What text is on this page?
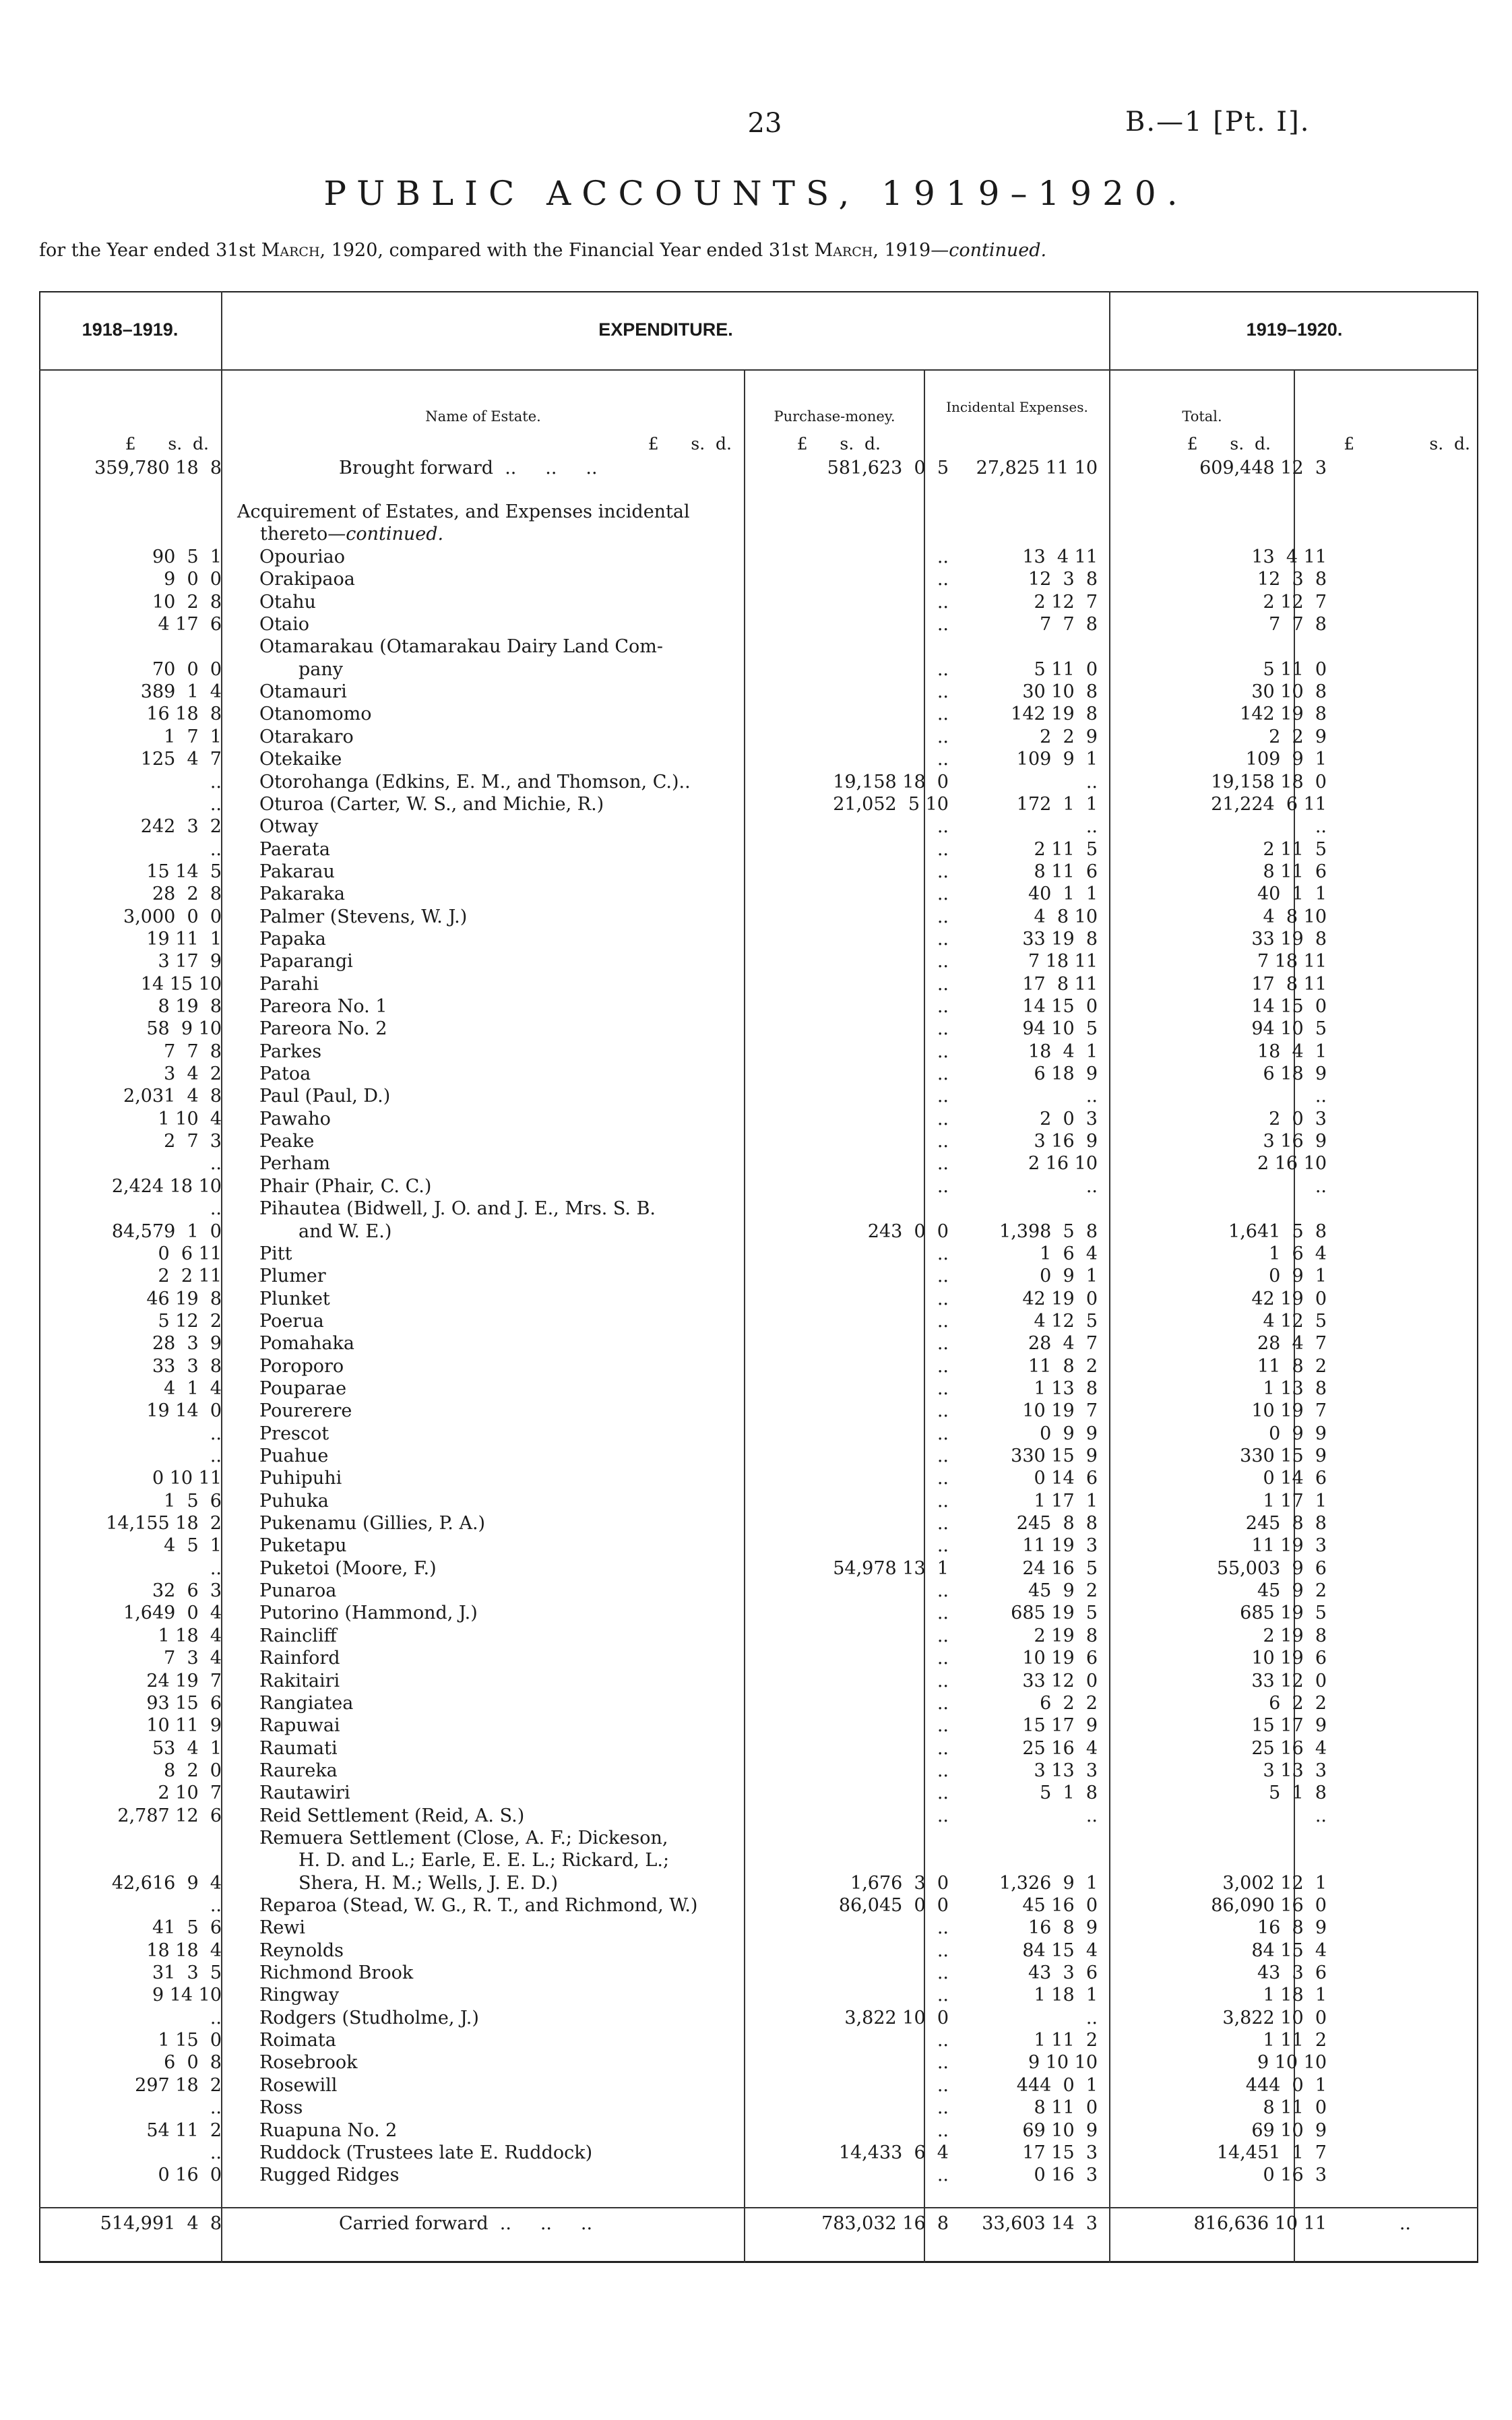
23	B.—1 [Pt. I].
PUBLIC ACCOUNTS, 1919–1920.
for the Year ended 31st March, 1920, compared with the Financial Year ended 31st March, 1919—continued.
1918–1919.	EXPENDITURE.	1919–1920.
Name of Estate.	Purchase-money.
Incidental Expenses.
Total.
£      s.  d.	£      s.  d.	£      s.  d.	£      s.  d.	£              s.  d.
359,780 18  8	Brought forward  ..     ..     ..	581,623  0  5 27,825 11 10	609,448 12  3
Acquirement of Estates, and Expenses incidental
thereto—continued.
90  5  1 Opouriao	..	13  4 11	13  4 11
9  0  0 Orakipaoa	..	12  3  8	12  3  8
10  2  8 Otahu	..	2 12  7	2 12  7
4 17  6 Otaio	..	7  7  8	7  7  8
Otamarakau (Otamarakau Dairy Land Com-
70  0  0	pany	..	5 11  0	5 11  0
389  1  4 Otamauri	..	30 10  8	30 10  8
16 18  8 Otanomomo	..	142 19  8	142 19  8
1  7  1 Otarakaro	..	2  2  9	2  2  9
125  4  7 Otekaike	..	109  9  1	109  9  1
.. Otorohanga (Edkins, E. M., and Thomson, C.)..	19,158 18  0	..	19,158 18  0
.. Oturoa (Carter, W. S., and Michie, R.)	21,052  5 10	172  1  1	21,224  6 11
242  3  2 Otway	..	..	..
.. Paerata	..	2 11  5	2 11  5
15 14  5 Pakarau	..	8 11  6	8 11  6
28  2  8 Pakaraka	..	40  1  1	40  1  1
3,000  0  0 Palmer (Stevens, W. J.)	..	4  8 10	4  8 10
19 11  1 Papaka	..	33 19  8	33 19  8
3 17  9 Paparangi	..	7 18 11	7 18 11
14 15 10 Parahi	..	17  8 11	17  8 11
8 19  8 Pareora No. 1	..	14 15  0	14 15  0
58  9 10 Pareora No. 2	..	94 10  5	94 10  5
7  7  8 Parkes	..	18  4  1	18  4  1
3  4  2 Patoa	..	6 18  9	6 18  9
2,031  4  8 Paul (Paul, D.)	..	..	..
1 10  4 Pawaho	..	2  0  3	2  0  3
2  7  3 Peake	..	3 16  9	3 16  9
.. Perham	..	2 16 10	2 16 10
2,424 18 10 Phair (Phair, C. C.)	..	..	..
.. Pihautea (Bidwell, J. O. and J. E., Mrs. S. B.
84,579  1  0	and W. E.)	243  0  0	1,398  5  8	1,641  5  8
0  6 11 Pitt	..	1  6  4	1  6  4
2  2 11 Plumer	..	0  9  1	0  9  1
46 19  8 Plunket	..	42 19  0	42 19  0
5 12  2 Poerua	..	4 12  5	4 12  5
28  3  9 Pomahaka	..	28  4  7	28  4  7
33  3  8 Poroporo	..	11  8  2	11  8  2
4  1  4 Pouparae	..	1 13  8	1 13  8
19 14  0 Pourerere	..	10 19  7	10 19  7
.. Prescot	..	0  9  9	0  9  9
.. Puahue	..	330 15  9	330 15  9
0 10 11 Puhipuhi	..	0 14  6	0 14  6
1  5  6 Puhuka	..	1 17  1	1 17  1
14,155 18  2 Pukenamu (Gillies, P. A.)	..	245  8  8	245  8  8
4  5  1 Puketapu	..	11 19  3	11 19  3
.. Puketoi (Moore, F.)	54,978 13  1	24 16  5	55,003  9  6
32  6  3 Punaroa	..	45  9  2	45  9  2
1,649  0  4 Putorino (Hammond, J.)	..	685 19  5	685 19  5
1 18  4 Raincliff	..	2 19  8	2 19  8
7  3  4 Rainford	..	10 19  6	10 19  6
24 19  7 Rakitairi	..	33 12  0	33 12  0
93 15  6 Rangiatea	..	6  2  2	6  2  2
10 11  9 Rapuwai	..	15 17  9	15 17  9
53  4  1 Raumati	..	25 16  4	25 16  4
8  2  0 Raureka	..	3 13  3	3 13  3
2 10  7 Rautawiri	..	5  1  8	5  1  8
2,787 12  6 Reid Settlement (Reid, A. S.)	..	..	..
Remuera Settlement (Close, A. F.; Dickeson,
H. D. and L.; Earle, E. E. L.; Rickard, L.;
42,616  9  4	Shera, H. M.; Wells, J. E. D.)	1,676  3  0	1,326  9  1	3,002 12  1
.. Reparoa (Stead, W. G., R. T., and Richmond, W.)	86,045  0  0	45 16  0	86,090 16  0
41  5  6 Rewi	..	16  8  9	16  8  9
18 18  4 Reynolds	..	84 15  4	84 15  4
31  3  5 Richmond Brook	..	43  3  6	43  3  6
9 14 10 Ringway	..	1 18  1	1 18  1
.. Rodgers (Studholme, J.)	3,822 10  0	..	3,822 10  0
1 15  0 Roimata	..	1 11  2	1 11  2
6  0  8 Rosebrook	..	9 10 10	9 10 10
297 18  2 Rosewill	..	444  0  1	444  0  1
.. Ross	..	8 11  0	8 11  0
54 11  2 Ruapuna No. 2	..	69 10  9	69 10  9
.. Ruddock (Trustees late E. Ruddock)	14,433  6  4	17 15  3	14,451  1  7
0 16  0 Rugged Ridges	..	0 16  3	0 16  3
514,991  4  8	Carried forward  ..     ..     ..	783,032 16  8 33,603 14  3	816,636 10 11	..
